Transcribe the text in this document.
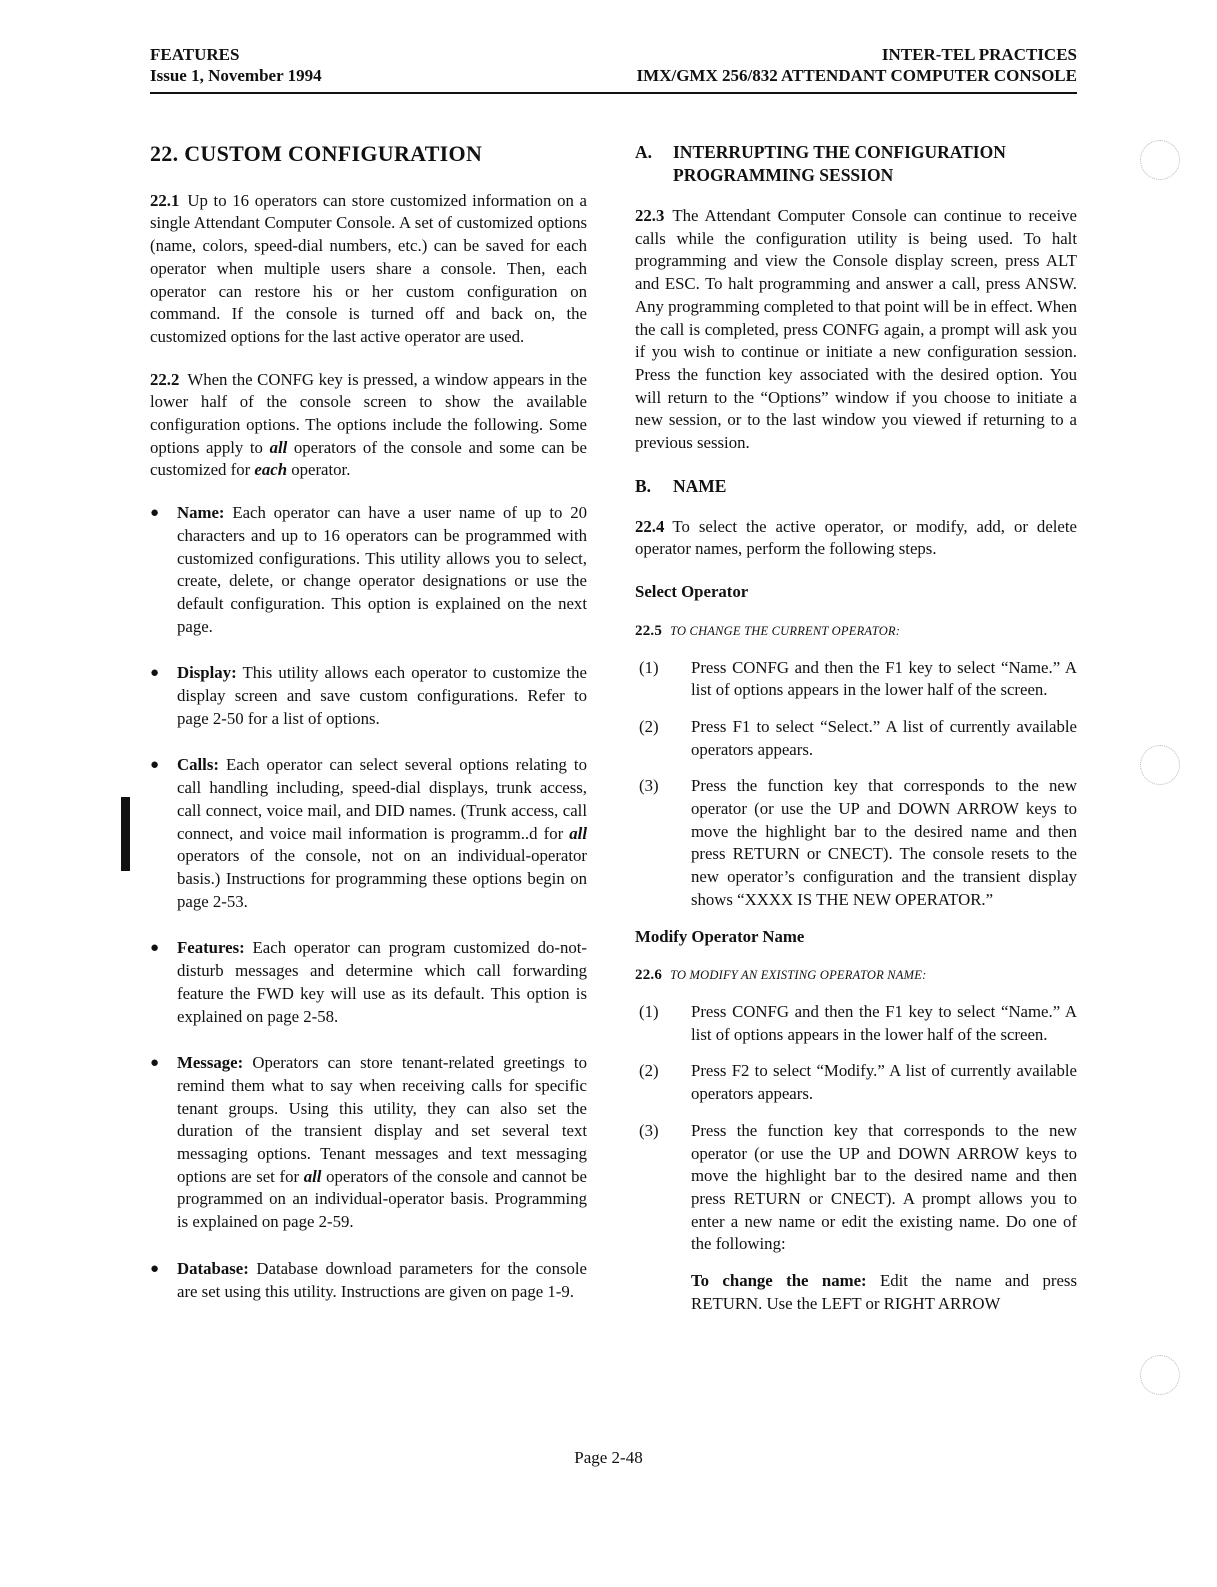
FEATURES	INTER-TEL PRACTICES
Issue 1, November 1994	IMX/GMX 256/832 ATTENDANT COMPUTER CONSOLE
22. CUSTOM CONFIGURATION

22.1 Up to 16 operators can store customized information on a single Attendant Computer Console. A set of customized options (name, colors, speed-dial numbers, etc.) can be saved for each operator when multiple users share a console. Then, each operator can restore his or her custom configuration on command. If the console is turned off and back on, the customized options for the last active operator are used.

22.2 When the CONFG key is pressed, a window appears in the lower half of the console screen to show the available configuration options. The options include the following. Some options apply to all operators of the console and some can be customized for each operator.

● Name: Each operator can have a user name of up to 20 characters and up to 16 operators can be programmed with customized configurations. This utility allows you to select, create, delete, or change operator designations or use the default configuration. This option is explained on the next page.
● Display: This utility allows each operator to customize the display screen and save custom configurations. Refer to page 2-50 for a list of options.
● Calls: Each operator can select several options relating to call handling including, speed-dial displays, trunk access, call connect, voice mail, and DID names. (Trunk access, call connect, and voice mail information is programm..d for all operators of the console, not on an individual-operator basis.) Instructions for programming these options begin on page 2-53.
● Features: Each operator can program customized do-not-disturb messages and determine which call forwarding feature the FWD key will use as its default. This option is explained on page 2-58.
● Message: Operators can store tenant-related greetings to remind them what to say when receiving calls for specific tenant groups. Using this utility, they can also set the duration of the transient display and set several text messaging options. Tenant messages and text messaging options are set for all operators of the console and cannot be programmed on an individual-operator basis. Programming is explained on page 2-59.
● Database: Database download parameters for the console are set using this utility. Instructions are given on page 1-9.
A.	INTERRUPTING THE CONFIGURATION PROGRAMMING SESSION

22.3 The Attendant Computer Console can continue to receive calls while the configuration utility is being used. To halt programming and view the Console display screen, press ALT and ESC. To halt programming and answer a call, press ANSW. Any programming completed to that point will be in effect. When the call is completed, press CONFG again, a prompt will ask you if you wish to continue or initiate a new configuration session. Press the function key associated with the desired option. You will return to the “Options” window if you choose to initiate a new session, or to the last window you viewed if returning to a previous session.

B.	NAME

22.4 To select the active operator, or modify, add, or delete operator names, perform the following steps.

Select Operator
22.5 TO CHANGE THE CURRENT OPERATOR:
(1) Press CONFG and then the F1 key to select “Name.” A list of options appears in the lower half of the screen.
(2) Press F1 to select “Select.” A list of currently available operators appears.
(3) Press the function key that corresponds to the new operator (or use the UP and DOWN ARROW keys to move the highlight bar to the desired name and then press RETURN or CNECT). The console resets to the new operator’s configuration and the transient display shows “XXXX IS THE NEW OPERATOR.”
Modify Operator Name
22.6 TO MODIFY AN EXISTING OPERATOR NAME:
(1) Press CONFG and then the F1 key to select “Name.” A list of options appears in the lower half of the screen.
(2) Press F2 to select “Modify.” A list of currently available operators appears.
(3) Press the function key that corresponds to the new operator (or use the UP and DOWN ARROW keys to move the highlight bar to the desired name and then press RETURN or CNECT). A prompt allows you to enter a new name or edit the existing name. Do one of the following:

To change the name: Edit the name and press RETURN. Use the LEFT or RIGHT ARROW

Page 2-48
